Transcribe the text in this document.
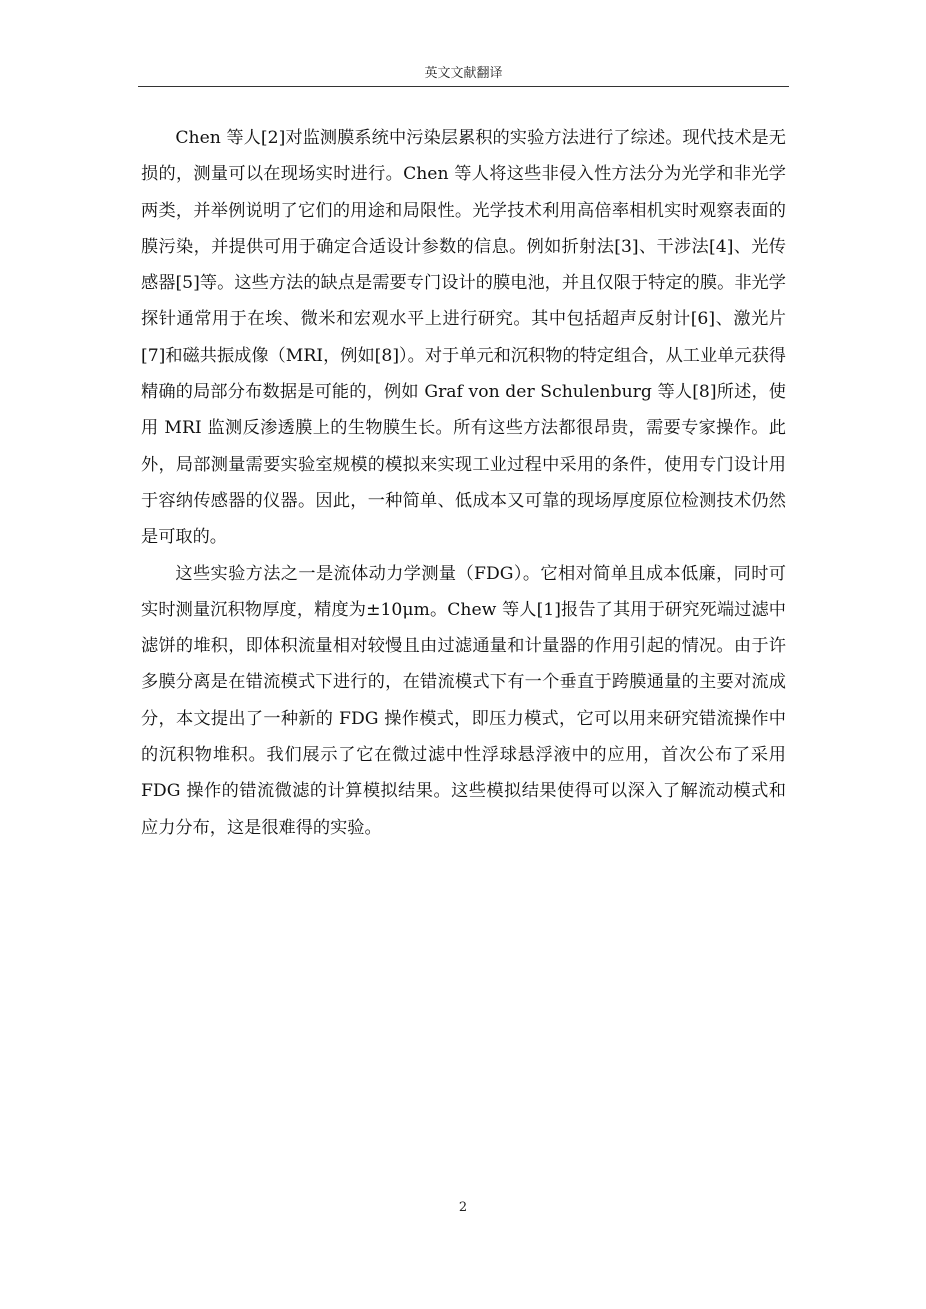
英文文献翻译

Chen 等人[2]对监测膜系统中污染层累积的实验方法进行了综述。现代技术是无损的，测量可以在现场实时进行。Chen 等人将这些非侵入性方法分为光学和非光学两类，并举例说明了它们的用途和局限性。光学技术利用高倍率相机实时观察表面的膜污染，并提供可用于确定合适设计参数的信息。例如折射法[3]、干涉法[4]、光传感器[5]等。这些方法的缺点是需要专门设计的膜电池，并且仅限于特定的膜。非光学探针通常用于在埃、微米和宏观水平上进行研究。其中包括超声反射计[6]、激光片[7]和磁共振成像（MRI，例如[8]）。对于单元和沉积物的特定组合，从工业单元获得精确的局部分布数据是可能的，例如 Graf von der Schulenburg 等人[8]所述，使用 MRI 监测反渗透膜上的生物膜生长。所有这些方法都很昂贵，需要专家操作。此外，局部测量需要实验室规模的模拟来实现工业过程中采用的条件，使用专门设计用于容纳传感器的仪器。因此，一种简单、低成本又可靠的现场厚度原位检测技术仍然是可取的。

这些实验方法之一是流体动力学测量（FDG）。它相对简单且成本低廉，同时可实时测量沉积物厚度，精度为±10μm。Chew 等人[1]报告了其用于研究死端过滤中滤饼的堆积，即体积流量相对较慢且由过滤通量和计量器的作用引起的情况。由于许多膜分离是在错流模式下进行的，在错流模式下有一个垂直于跨膜通量的主要对流成分，本文提出了一种新的 FDG 操作模式，即压力模式，它可以用来研究错流操作中的沉积物堆积。我们展示了它在微过滤中性浮球悬浮液中的应用，首次公布了采用 FDG 操作的错流微滤的计算模拟结果。这些模拟结果使得可以深入了解流动模式和应力分布，这是很难得的实验。

2
